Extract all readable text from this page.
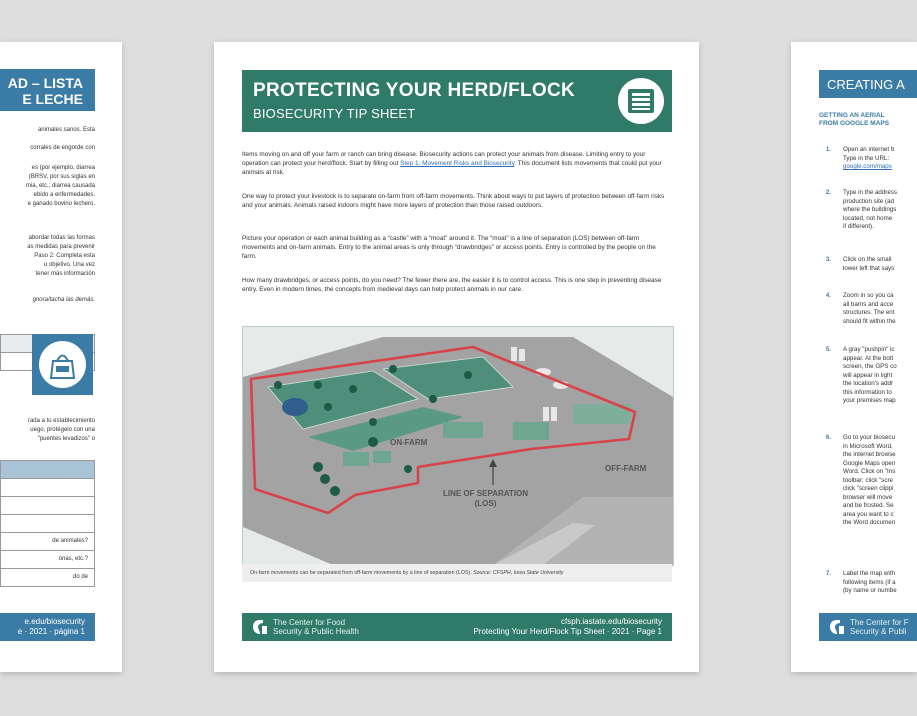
AD – LISTA
E LECHE
animales sanos. Esta
corrales de engorde con
es (por ejemplo, diarrea
(BRSV, por sus siglas en
mia, etc.; diarrea causada
ebido a enfermedades.
e ganado bovino lechero.
abordar todas las formas
as medidas para prevenir
Paso 2: Completa esta
u objetivo. Una vez
tener más información
gnora/tacha las demás.
rada a tu establecimiento
uego, protégelo con una
"puentes levadizos" o
de animales?
onas, etc.?
do de
e.edu/biosecurity
e · 2021 · página 1
PROTECTING YOUR HERD/FLOCK
BIOSECURITY TIP SHEET
Items moving on and off your farm or ranch can bring disease. Biosecurity actions can protect your animals from disease. Limiting entry to your operation can protect your herd/flock. Start by filling out Step 1: Movement Risks and Biosecurity. This document lists movements that could put your animals at risk.
One way to protect your livestock is to separate on-farm from off-farm movements. Think about ways to put layers of protection between off-farm risks and your animals. Animals raised indoors might have more layers of protection than those raised outdoors.
Picture your operation or each animal building as a “castle” with a “moat” around it. The “moat” is a line of separation (LOS) between off-farm movements and on-farm animals. Entry to the animal areas is only through “drawbridges” or access points. Entry is controlled by the people on the farm.
How many drawbridges, or access points, do you need? The fewer there are, the easier it is to control access. This is one step in preventing disease entry. Even in modern times, the concepts from medieval days can help protect animals in our care.
ON-FARM
OFF-FARM
LINE OF SEPARATION
(LOS)
On-farm movements can be separated from off-farm movements by a line of separation (LOS). Source: CFSPH, Iowa State University
The Center for Food
Security & Public Health
cfsph.iastate.edu/biosecurity
Protecting Your Herd/Flock Tip Sheet · 2021 · Page 1
CREATING A
GETTING AN AERIAL
FROM GOOGLE MAPS
1. Open an internet b
Type in the URL:
google.com/maps
2. Type in the address
production site (ad
where the buildings
located, not home
if different).
3. Click on the small
lower left that says
4. Zoom in so you ca
all barns and acce
structures. The ent
should fit within the
5. A gray "pushpin" ic
appear. At the bott
screen, the GPS co
will appear in light
the location's addr
this information to
your premises map
6. Go to your biosecu
in Microsoft Word,
the internet browse
Google Maps open
Word. Click on "Ins
toolbar; click "scre
click "screen clippi
browser will move
and be frosted. Se
area you want to c
the Word documen
7. Label the map with
following items (if a
(by name or numbe
The Center for F
Security & Publi
